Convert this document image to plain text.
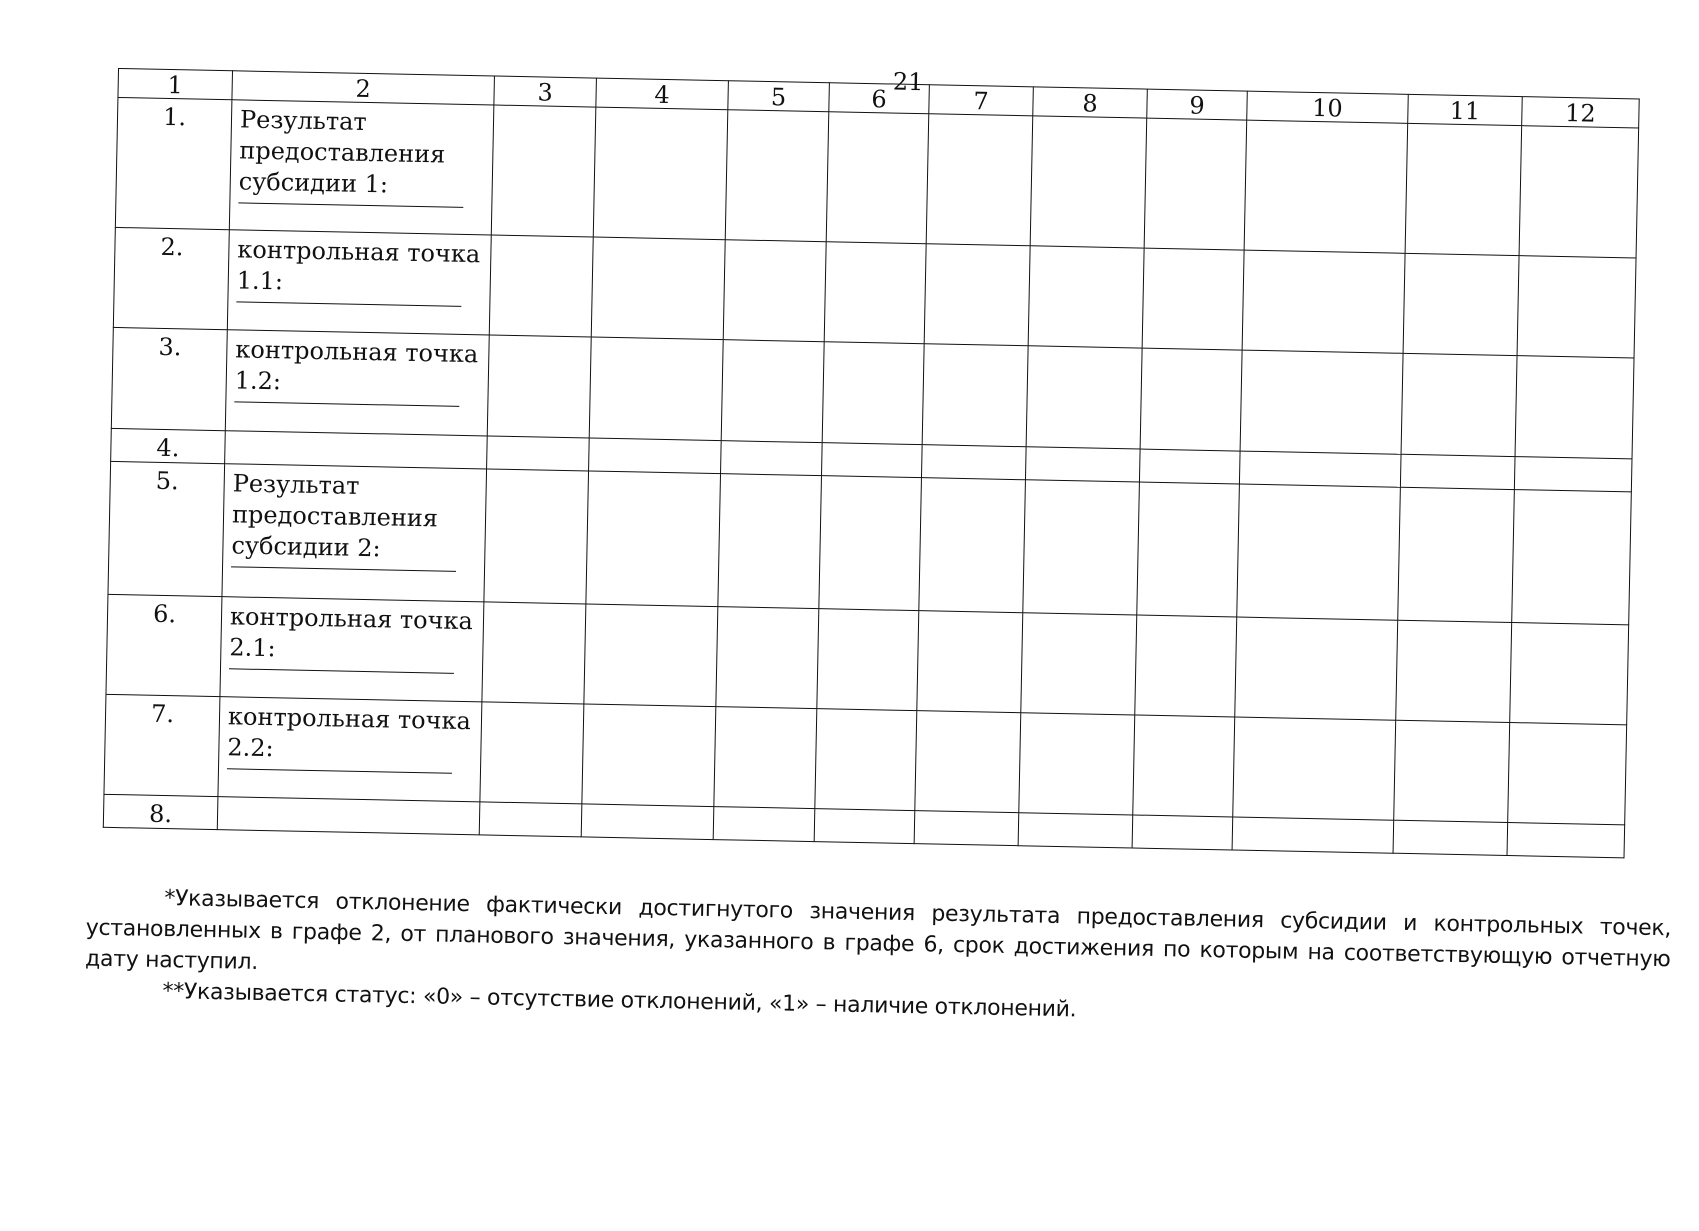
21
1	2	3	4	5	6	7	8	9	10	11	12
1.	Результат предоставления субсидии 1:

2.	контрольная точка 1.1:

3.	контрольная точка 1.2:

4.											
5.	Результат предоставления субсидии 2:

6.	контрольная точка 2.1:

7.	контрольная точка 2.2:

8.											

*Указывается отклонение фактически достигнутого значения результата предоставления субсидии и контрольных точек, установленных в графе 2, от планового значения, указанного в графе 6, срок достижения по которым на соответствующую отчетную дату наступил.

**Указывается статус: «0» – отсутствие отклонений, «1» – наличие отклонений.
